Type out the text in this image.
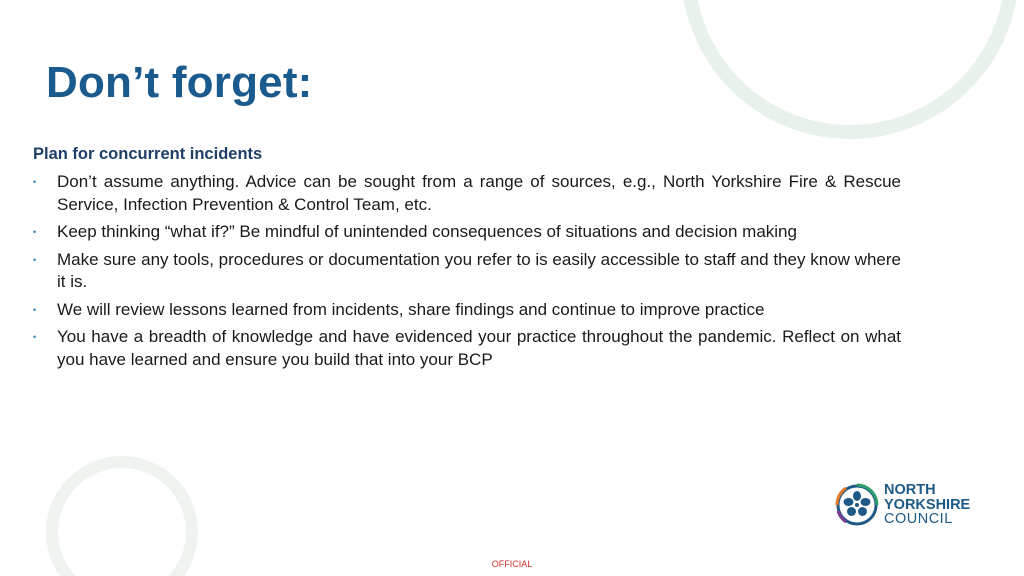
Don’t forget:
Plan for concurrent incidents
• Don’t assume anything. Advice can be sought from a range of sources, e.g., North Yorkshire Fire & Rescue Service, Infection Prevention & Control Team, etc.
• Keep thinking “what if?” Be mindful of unintended consequences of situations and decision making
• Make sure any tools, procedures or documentation you refer to is easily accessible to staff and they know where it is.
• We will review lessons learned from incidents, share findings and continue to improve practice
• You have a breadth of knowledge and have evidenced your practice throughout the pandemic. Reflect on what you have learned and ensure you build that into your BCP
NORTH
YORKSHIRE
COUNCIL
OFFICIAL
